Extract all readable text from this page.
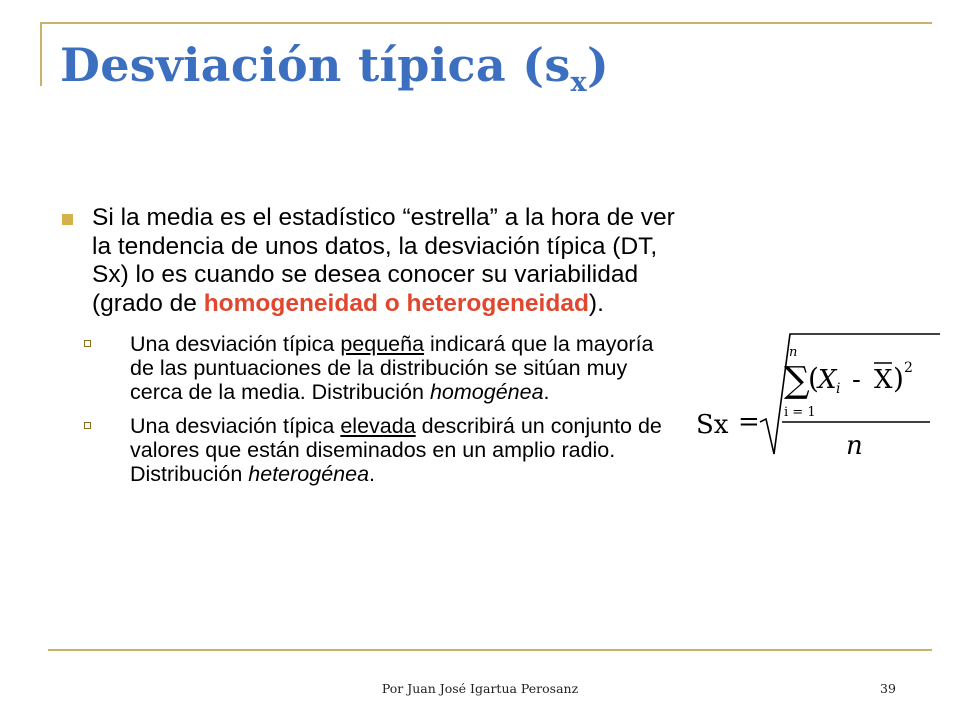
Desviación típica $(s_x)$
Si la media es el estadístico “estrella” a la hora de ver la tendencia de unos datos, la desviación típica (DT, Sx) lo es cuando se desea conocer su variabilidad (grado de homogeneidad o heterogeneidad).
Una desviación típica pequeña indicará que la mayoría de las puntuaciones de la distribución se sitúan muy cerca de la media. Distribución homogénea.
Una desviación típica elevada describirá un conjunto de valores que están diseminados en un amplio radio. Distribución heterogénea.
Sx =
n
∑
i = 1
( X i - X ) 2
n
Por Juan José Igartua Perosanz	39
